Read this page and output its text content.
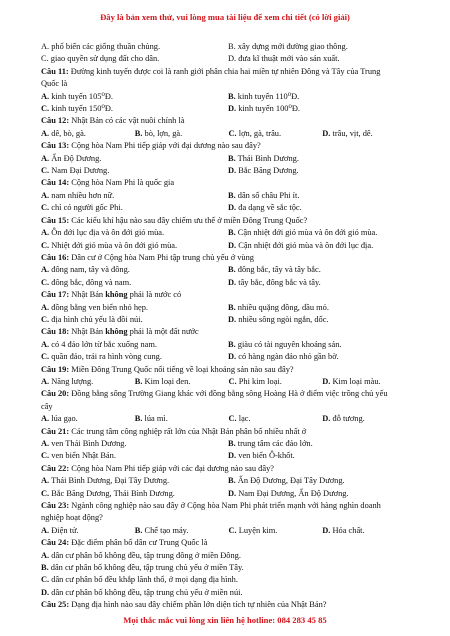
Đây là bản xem thử, vui lòng mua tài liệu để xem chi tiết (có lời giải)
A. phổ biến các giống thuần chủng.	B. xây dựng mới đường giao thông.
C. giao quyền sử dụng đất cho dân.	D. đưa kĩ thuật mới vào sản xuất.
Câu 11: Đường kinh tuyến được coi là ranh giới phân chia hai miền tự nhiên Đông và Tây của Trung
Quốc là
A. kinh tuyến 105⁰Đ.	B. kinh tuyến 110⁰Đ.
C. kinh tuyến 150⁰Đ.	D. kinh tuyến 100⁰Đ.
Câu 12: Nhật Bản có các vật nuôi chính là
A. dê, bò, gà.	B. bò, lợn, gà.	C. lợn, gà, trâu.	D. trâu, vịt, dê.
Câu 13: Cộng hòa Nam Phi tiếp giáp với đại dương nào sau đây?
A. Ấn Độ Dương.	B. Thái Bình Dương.
C. Nam Đại Dương.	D. Bắc Băng Dương.
Câu 14: Cộng hòa Nam Phi là quốc gia
A. nam nhiều hơn nữ.	B. dân số châu Phi ít.
C. chỉ có người gốc Phi.	D. đa dạng về sắc tộc.
Câu 15: Các kiểu khí hậu nào sau đây chiếm ưu thế ở miền Đông Trung Quốc?
A. Ôn đới lục địa và ôn đới gió mùa.	B. Cận nhiệt đới gió mùa và ôn đới gió mùa.
C. Nhiệt đới gió mùa và ôn đới gió mùa.	D. Cận nhiệt đới gió mùa và ôn đới lục địa.
Câu 16: Dân cư ở Cộng hòa Nam Phi tập trung chủ yếu ở vùng
A. đông nam, tây và đông.	B. đông bắc, tây và tây bắc.
C. đông bắc, đông và nam.	D. tây bắc, đông bắc và tây.
Câu 17: Nhật Bản không phải là nước có
A. đồng bằng ven biển nhỏ hẹp.	B. nhiều quặng đồng, dầu mỏ.
C. địa hình chủ yếu là đồi núi.	D. nhiều sông ngòi ngắn, dốc.
Câu 18: Nhật Bản không phải là một đất nước
A. có 4 đảo lớn từ bắc xuống nam.	B. giàu có tài nguyên khoáng sản.
C. quần đảo, trải ra hình vòng cung.	D. có hàng ngàn đảo nhỏ gần bờ.
Câu 19: Miền Đông Trung Quốc nổi tiếng về loại khoáng sản nào sau đây?
A. Năng lượng.	B. Kim loại đen.	C. Phi kim loại.	D. Kim loại màu.
Câu 20: Đồng bằng sông Trường Giang khác với đồng bằng sông Hoàng Hà ở điểm việc trồng chủ yếu
cây
A. lúa gạo.	B. lúa mì.	C. lạc.	D. đỗ tương.
Câu 21: Các trung tâm công nghiệp rất lớn của Nhật Bản phân bố nhiều nhất ở
A. ven Thái Bình Dương.	B. trung tâm các đảo lớn.
C. ven biển Nhật Bản.	D. ven biển Ô-khốt.
Câu 22: Cộng hòa Nam Phi tiếp giáp với các đại dương nào sau đây?
A. Thái Bình Dương, Đại Tây Dương.	B. Ấn Độ Dương, Đại Tây Dương.
C. Bắc Băng Dương, Thái Bình Dương.	D. Nam Đại Dương, Ấn Độ Dương.
Câu 23: Ngành công nghiệp nào sau đây ở Cộng hòa Nam Phi phát triển mạnh với hàng nghìn doanh
nghiệp hoạt động?
A. Điện tử.	B. Chế tạo máy.	C. Luyện kim.	D. Hóa chất.
Câu 24: Đặc điểm phân bố dân cư Trung Quốc là
A. dân cư phân bố không đều, tập trung đông ở miền Đông.
B. dân cư phân bố không đều, tập trung chủ yếu ở miền Tây.
C. dân cư phân bố đều khắp lãnh thổ, ở mọi dạng địa hình.
D. dân cư phân bố không đều, tập trung chủ yếu ở miền núi.
Câu 25: Dạng địa hình nào sau đây chiếm phần lớn diện tích tự nhiên của Nhật Bản?
Mọi thắc mắc vui lòng xin liên hệ hotline: 084 283 45 85
